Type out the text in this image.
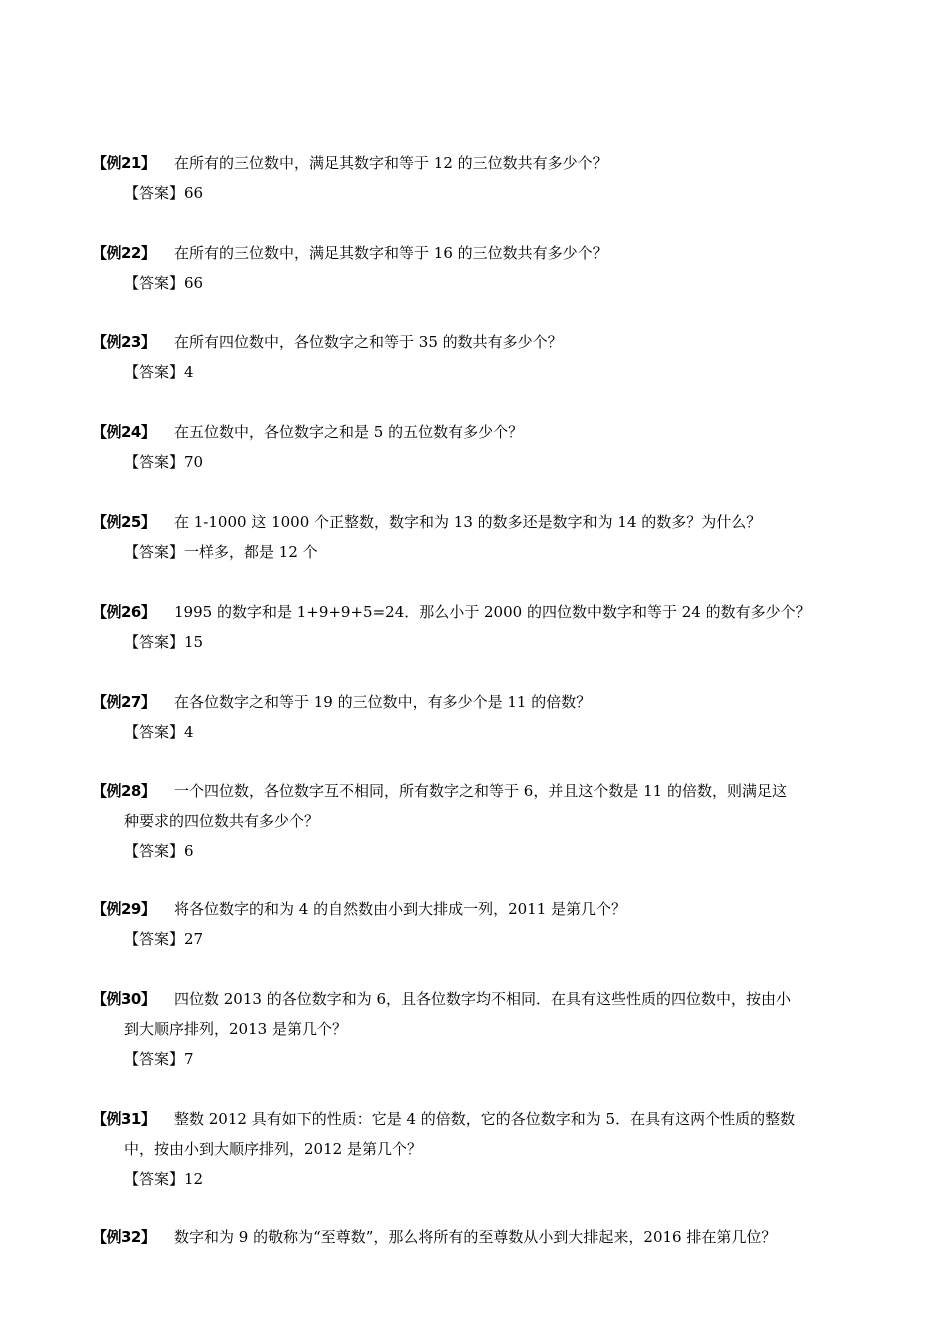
【例21】	在所有的三位数中，满足其数字和等于 12 的三位数共有多少个？
【答案】66
【例22】	在所有的三位数中，满足其数字和等于 16 的三位数共有多少个？
【答案】66
【例23】	在所有四位数中，各位数字之和等于 35 的数共有多少个？
【答案】4
【例24】	在五位数中，各位数字之和是 5 的五位数有多少个？
【答案】70
【例25】	在 1-1000 这 1000 个正整数，数字和为 13 的数多还是数字和为 14 的数多？为什么？
【答案】一样多，都是 12 个
【例26】	1995 的数字和是 1+9+9+5=24．那么小于 2000 的四位数中数字和等于 24 的数有多少个？
【答案】15
【例27】	在各位数字之和等于 19 的三位数中，有多少个是 11 的倍数？
【答案】4
【例28】	一个四位数，各位数字互不相同，所有数字之和等于 6，并且这个数是 11 的倍数，则满足这
种要求的四位数共有多少个？
【答案】6
【例29】	将各位数字的和为 4 的自然数由小到大排成一列，2011 是第几个？
【答案】27
【例30】	四位数 2013 的各位数字和为 6，且各位数字均不相同．在具有这些性质的四位数中，按由小
到大顺序排列，2013 是第几个？
【答案】7
【例31】	整数 2012 具有如下的性质：它是 4 的倍数，它的各位数字和为 5．在具有这两个性质的整数
中，按由小到大顺序排列，2012 是第几个？
【答案】12
【例32】	数字和为 9 的敬称为“至尊数”，那么将所有的至尊数从小到大排起来，2016 排在第几位？
